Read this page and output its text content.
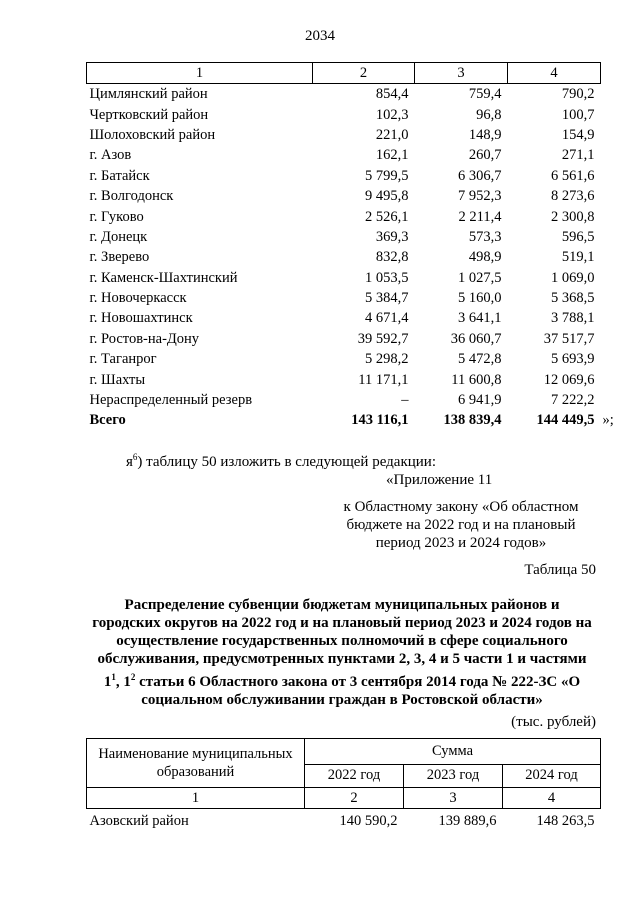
2034
1	2	3	4
Цимлянский район	854,4	759,4	790,2
Чертковский район	102,3	96,8	100,7
Шолоховский район	221,0	148,9	154,9
г. Азов	162,1	260,7	271,1
г. Батайск	5 799,5	6 306,7	6 561,6
г. Волгодонск	9 495,8	7 952,3	8 273,6
г. Гуково	2 526,1	2 211,4	2 300,8
г. Донецк	369,3	573,3	596,5
г. Зверево	832,8	498,9	519,1
г. Каменск-Шахтинский	1 053,5	1 027,5	1 069,0
г. Новочеркасск	5 384,7	5 160,0	5 368,5
г. Новошахтинск	4 671,4	3 641,1	3 788,1
г. Ростов-на-Дону	39 592,7	36 060,7	37 517,7
г. Таганрог	5 298,2	5 472,8	5 693,9
г. Шахты	11 171,1	11 600,8	12 069,6
Нераспределенный резерв	–	6 941,9	7 222,2
Всего	143 116,1	138 839,4	144 449,5 »;
$я^6$) таблицу 50 изложить в следующей редакции:
«Приложение 11
к Областному закону «Об областном бюджете на 2022 год и на плановый период 2023 и 2024 годов»
Таблица 50
Распределение субвенции бюджетам муниципальных районов и городских округов на 2022 год и на плановый период 2023 и 2024 годов на осуществление государственных полномочий в сфере социального обслуживания, предусмотренных пунктами 2, 3, 4 и 5 части 1 и частями $1^1$, $1^2$ статьи 6 Областного закона от 3 сентября 2014 года № 222-ЗС «О социальном обслуживании граждан в Ростовской области»
(тыс. рублей)
Наименование муниципальных образований	Сумма		
	2022 год	2023 год	2024 год
1	2	3	4
Азовский район	140 590,2	139 889,6	148 263,5
